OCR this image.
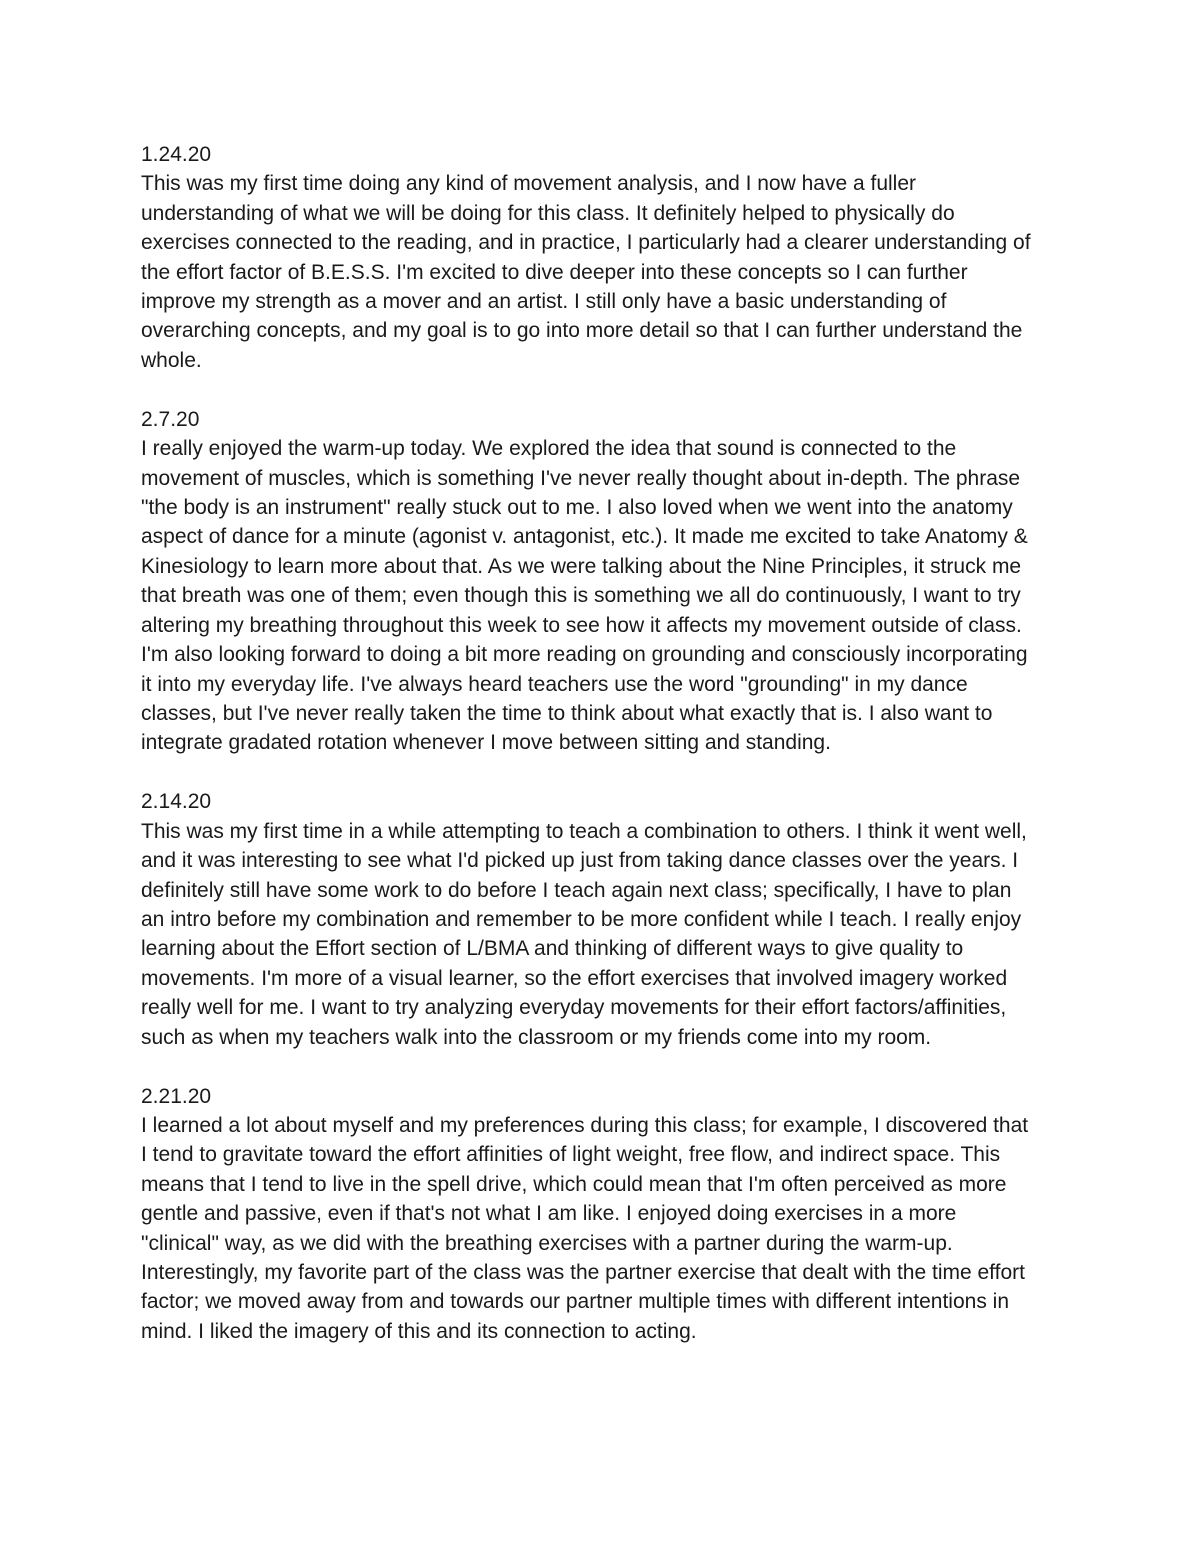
1.24.20
This was my first time doing any kind of movement analysis, and I now have a fuller
understanding of what we will be doing for this class. It definitely helped to physically do
exercises connected to the reading, and in practice, I particularly had a clearer understanding of
the effort factor of B.E.S.S. I'm excited to dive deeper into these concepts so I can further
improve my strength as a mover and an artist. I still only have a basic understanding of
overarching concepts, and my goal is to go into more detail so that I can further understand the
whole.
2.7.20
I really enjoyed the warm-up today. We explored the idea that sound is connected to the
movement of muscles, which is something I've never really thought about in-depth. The phrase
"the body is an instrument" really stuck out to me. I also loved when we went into the anatomy
aspect of dance for a minute (agonist v. antagonist, etc.). It made me excited to take Anatomy &
Kinesiology to learn more about that. As we were talking about the Nine Principles, it struck me
that breath was one of them; even though this is something we all do continuously, I want to try
altering my breathing throughout this week to see how it affects my movement outside of class.
I'm also looking forward to doing a bit more reading on grounding and consciously incorporating
it into my everyday life. I've always heard teachers use the word "grounding" in my dance
classes, but I've never really taken the time to think about what exactly that is. I also want to
integrate gradated rotation whenever I move between sitting and standing.
2.14.20
This was my first time in a while attempting to teach a combination to others. I think it went well,
and it was interesting to see what I'd picked up just from taking dance classes over the years. I
definitely still have some work to do before I teach again next class; specifically, I have to plan
an intro before my combination and remember to be more confident while I teach. I really enjoy
learning about the Effort section of L/BMA and thinking of different ways to give quality to
movements. I'm more of a visual learner, so the effort exercises that involved imagery worked
really well for me. I want to try analyzing everyday movements for their effort factors/affinities,
such as when my teachers walk into the classroom or my friends come into my room.
2.21.20
I learned a lot about myself and my preferences during this class; for example, I discovered that
I tend to gravitate toward the effort affinities of light weight, free flow, and indirect space. This
means that I tend to live in the spell drive, which could mean that I'm often perceived as more
gentle and passive, even if that's not what I am like. I enjoyed doing exercises in a more
"clinical" way, as we did with the breathing exercises with a partner during the warm-up.
Interestingly, my favorite part of the class was the partner exercise that dealt with the time effort
factor; we moved away from and towards our partner multiple times with different intentions in
mind. I liked the imagery of this and its connection to acting.
